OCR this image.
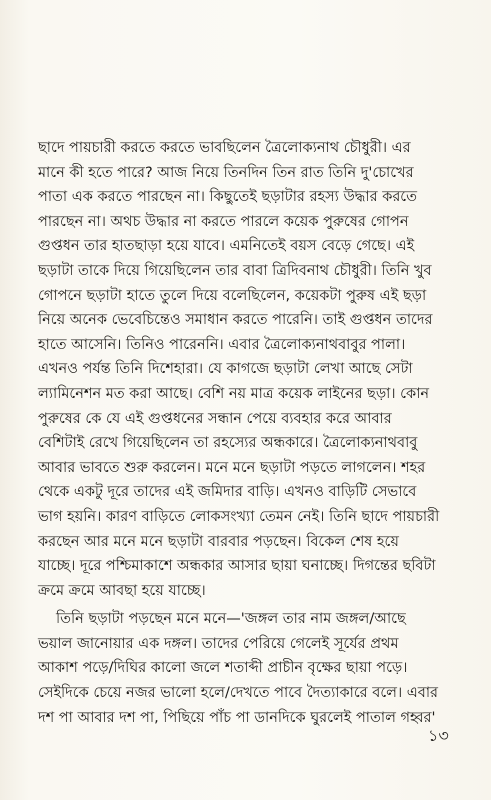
ছাদে পায়চারী করতে করতে ভাবছিলেন ত্রৈলোক্যনাথ চৌধুরী। এর
মানে কী হতে পারে? আজ নিয়ে তিনদিন তিন রাত তিনি দু'চোখের
পাতা এক করতে পারছেন না। কিছুতেই ছড়াটার রহস্য উদ্ধার করতে
পারছেন না। অথচ উদ্ধার না করতে পারলে কয়েক পুরুষের গোপন
গুপ্তধন তার হাতছাড়া হয়ে যাবে। এমনিতেই বয়স বেড়ে গেছে। এই
ছড়াটা তাকে দিয়ে গিয়েছিলেন তার বাবা ত্রিদিবনাথ চৌধুরী। তিনি খুব
গোপনে ছড়াটা হাতে তুলে দিয়ে বলেছিলেন, কয়েকটা পুরুষ এই ছড়া
নিয়ে অনেক ভেবেচিন্তেও সমাধান করতে পারেনি। তাই গুপ্তধন তাদের
হাতে আসেনি। তিনিও পারেননি। এবার ত্রৈলোক্যনাথবাবুর পালা।
এখনও পর্যন্ত তিনি দিশেহারা। যে কাগজে ছড়াটা লেখা আছে সেটা
ল্যামিনেশন মত করা আছে। বেশি নয় মাত্র কয়েক লাইনের ছড়া। কোন
পুরুষের কে যে এই গুপ্তধনের সন্ধান পেয়ে ব্যবহার করে আবার
বেশিটাই রেখে গিয়েছিলেন তা রহস্যের অন্ধকারে। ত্রৈলোক্যনাথবাবু
আবার ভাবতে শুরু করলেন। মনে মনে ছড়াটা পড়তে লাগলেন। শহর
থেকে একটু দূরে তাদের এই জমিদার বাড়ি। এখনও বাড়িটি সেভাবে
ভাগ হয়নি। কারণ বাড়িতে লোকসংখ্যা তেমন নেই। তিনি ছাদে পায়চারী
করছেন আর মনে মনে ছড়াটা বারবার পড়ছেন। বিকেল শেষ হয়ে
যাচ্ছে। দূরে পশ্চিমাকাশে অন্ধকার আসার ছায়া ঘনাচ্ছে। দিগন্তের ছবিটা
ক্রমে ক্রমে আবছা হয়ে যাচ্ছে।
তিনি ছড়াটা পড়ছেন মনে মনে—'জঙ্গল তার নাম জঙ্গল/আছে
ভয়াল জানোয়ার এক দঙ্গল। তাদের পেরিয়ে গেলেই সূর্যের প্রথম
আকাশ পড়ে/দিঘির কালো জলে শতাব্দী প্রাচীন বৃক্ষের ছায়া পড়ে।
সেইদিকে চেয়ে নজর ভালো হলে/দেখতে পাবে দৈত্যাকারে বলে। এবার
দশ পা আবার দশ পা, পিছিয়ে পাঁচ পা ডানদিকে ঘুরলেই পাতাল গহ্বর'
১৩
